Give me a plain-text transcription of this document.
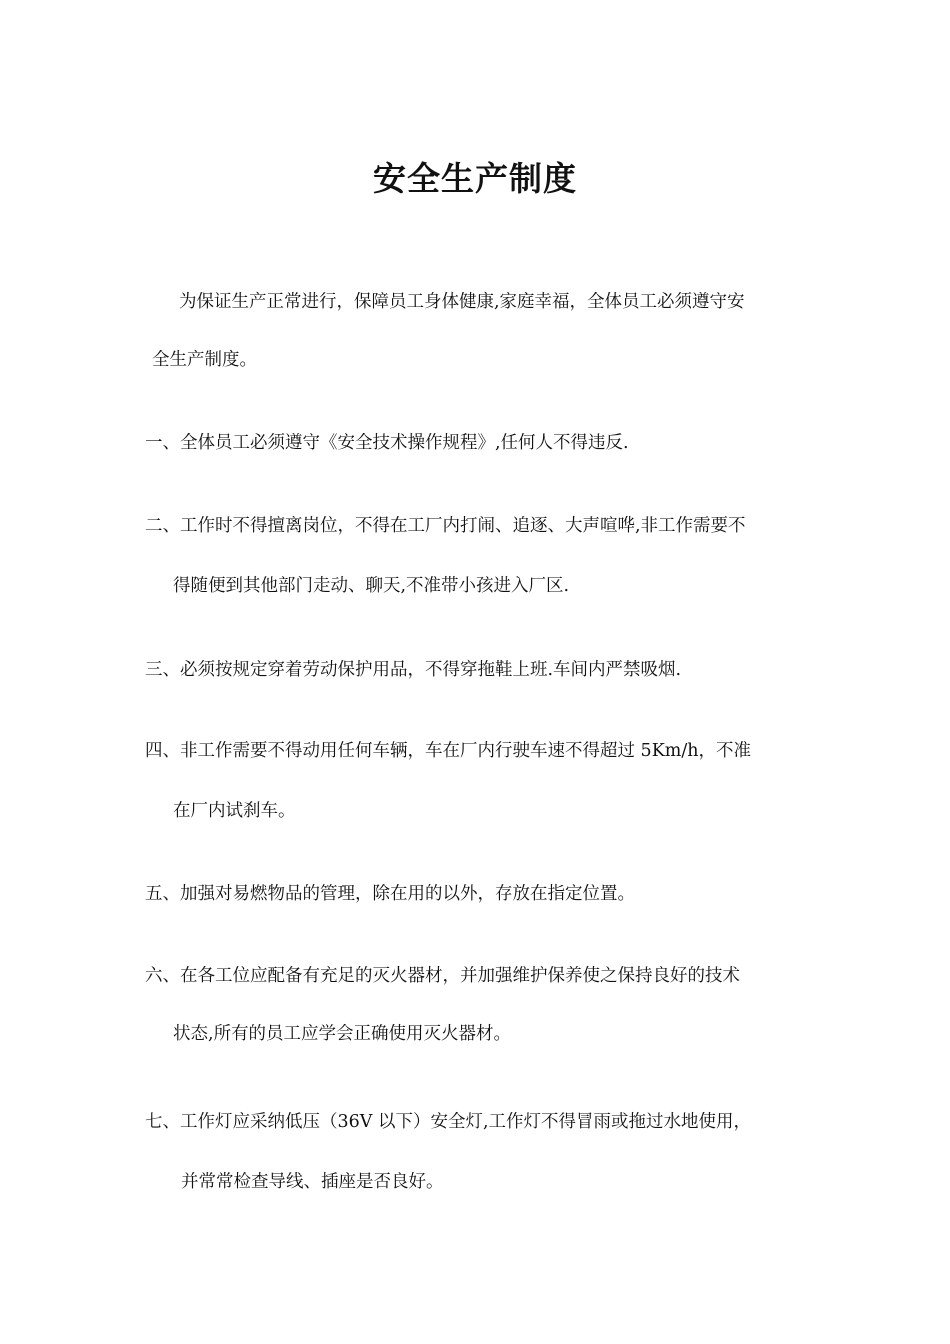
安全生产制度

为保证生产正常进行，保障员工身体健康,家庭幸福，全体员工必须遵守安

全生产制度。

一、全体员工必须遵守《安全技术操作规程》,任何人不得违反.

二、工作时不得擅离岗位，不得在工厂内打闹、追逐、大声喧哗,非工作需要不

得随便到其他部门走动、聊天,不准带小孩进入厂区.

三、必须按规定穿着劳动保护用品，不得穿拖鞋上班.车间内严禁吸烟.

四、非工作需要不得动用任何车辆，车在厂内行驶车速不得超过 5Km/h，不准

在厂内试刹车。

五、加强对易燃物品的管理，除在用的以外，存放在指定位置。

六、在各工位应配备有充足的灭火器材，并加强维护保养使之保持良好的技术

状态,所有的员工应学会正确使用灭火器材。

七、工作灯应采纳低压（36V 以下）安全灯,工作灯不得冒雨或拖过水地使用，

并常常检查导线、插座是否良好。
